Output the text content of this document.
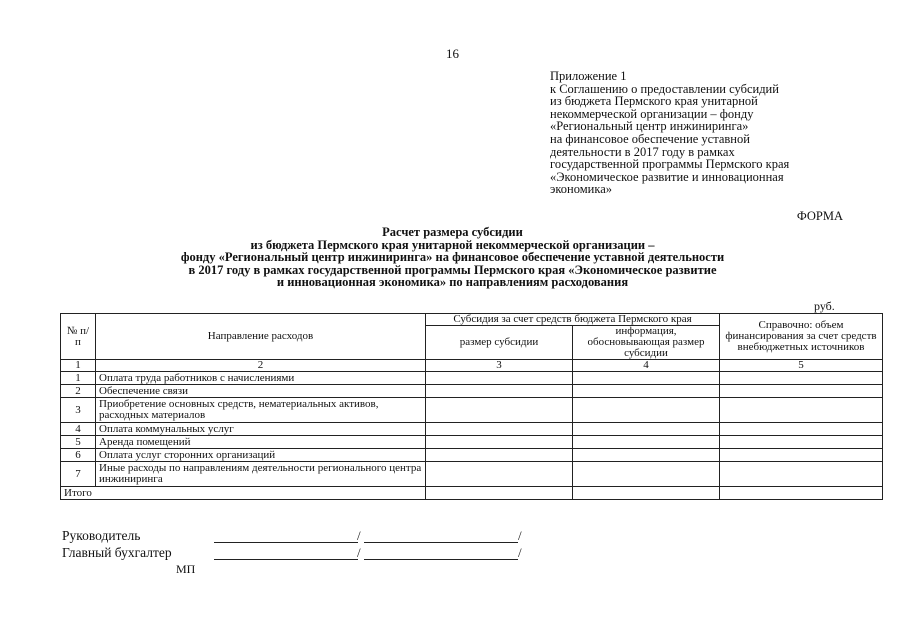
16
Приложение 1
к Соглашению о предоставлении субсидий
из бюджета Пермского края унитарной
некоммерческой организации – фонду
«Региональный центр инжиниринга»
на финансовое обеспечение уставной
деятельности в 2017 году в рамках
государственной программы Пермского края
«Экономическое развитие и инновационная
экономика»
ФОРМА
Расчет размера субсидии
из бюджета Пермского края унитарной некоммерческой организации –
фонду «Региональный центр инжиниринга» на финансовое обеспечение уставной деятельности
в 2017 году в рамках государственной программы Пермского края «Экономическое развитие
и инновационная экономика» по направлениям расходования
руб.
№ п/п	Направление расходов	Субсидия за счет средств бюджета Пермского края		Справочно: объем финансирования за счет средств внебюджетных источников
		размер субсидии	информация, обосновывающая размер субсидии	
1	2	3	4	5
1	Оплата труда работников с начислениями			
2	Обеспечение связи			
3	Приобретение основных средств, нематериальных активов, расходных материалов			
4	Оплата коммунальных услуг			
5	Аренда помещений			
6	Оплата услуг сторонних организаций			
7	Иные расходы по направлениям деятельности регионального центра инжиниринга			
Итого				
Руководитель	/	/
Главный бухгалтер	/	/
МП
